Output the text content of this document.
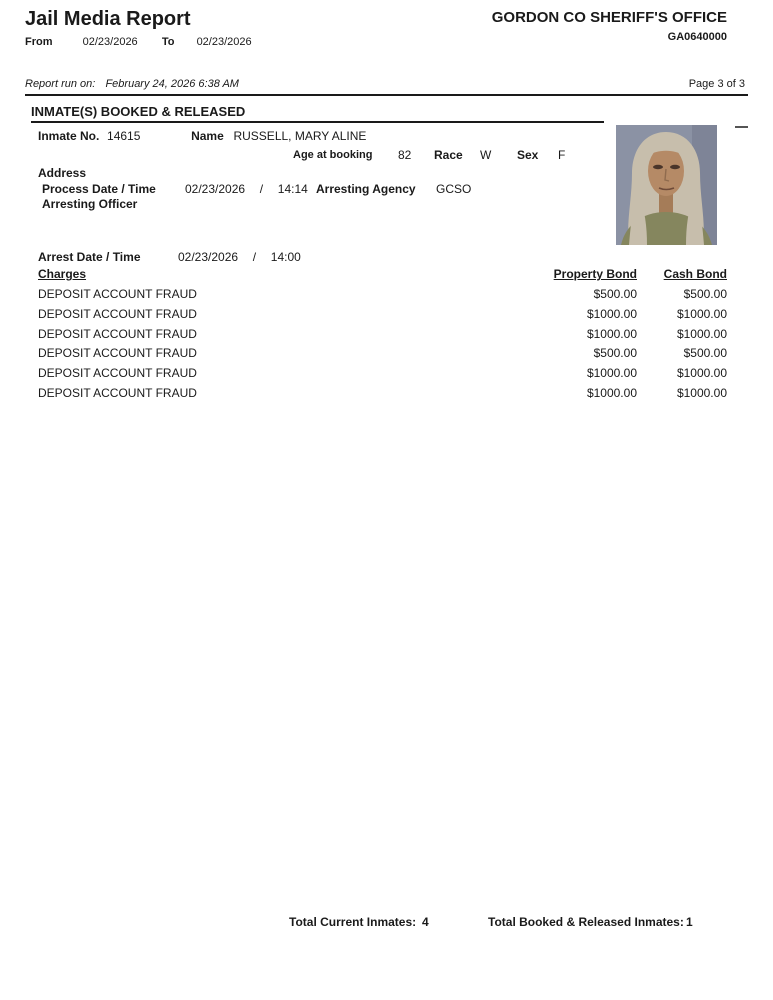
Jail Media Report
From	02/23/2026 To 02/23/2026
GORDON CO SHERIFF'S OFFICE
GA0640000
Report run on: February 24, 2026 6:38 AM	Page 3 of 3
INMATE(S) BOOKED & RELEASED
Inmate No. 14615	Name RUSSELL, MARY ALINE
Age at booking 82 Race W Sex F
Address
Process Date / Time 02/23/2026 / 14:14 Arresting Agency GCSO
Arresting Officer
Arrest Date / Time	02/23/2026 / 14:00
Charges	Property Bond	Cash Bond
DEPOSIT ACCOUNT FRAUD	$500.00	$500.00
DEPOSIT ACCOUNT FRAUD	$1000.00	$1000.00
DEPOSIT ACCOUNT FRAUD	$1000.00	$1000.00
DEPOSIT ACCOUNT FRAUD	$500.00	$500.00
DEPOSIT ACCOUNT FRAUD	$1000.00	$1000.00
DEPOSIT ACCOUNT FRAUD	$1000.00	$1000.00
Total Current Inmates: 4	Total Booked & Released Inmates: 1
